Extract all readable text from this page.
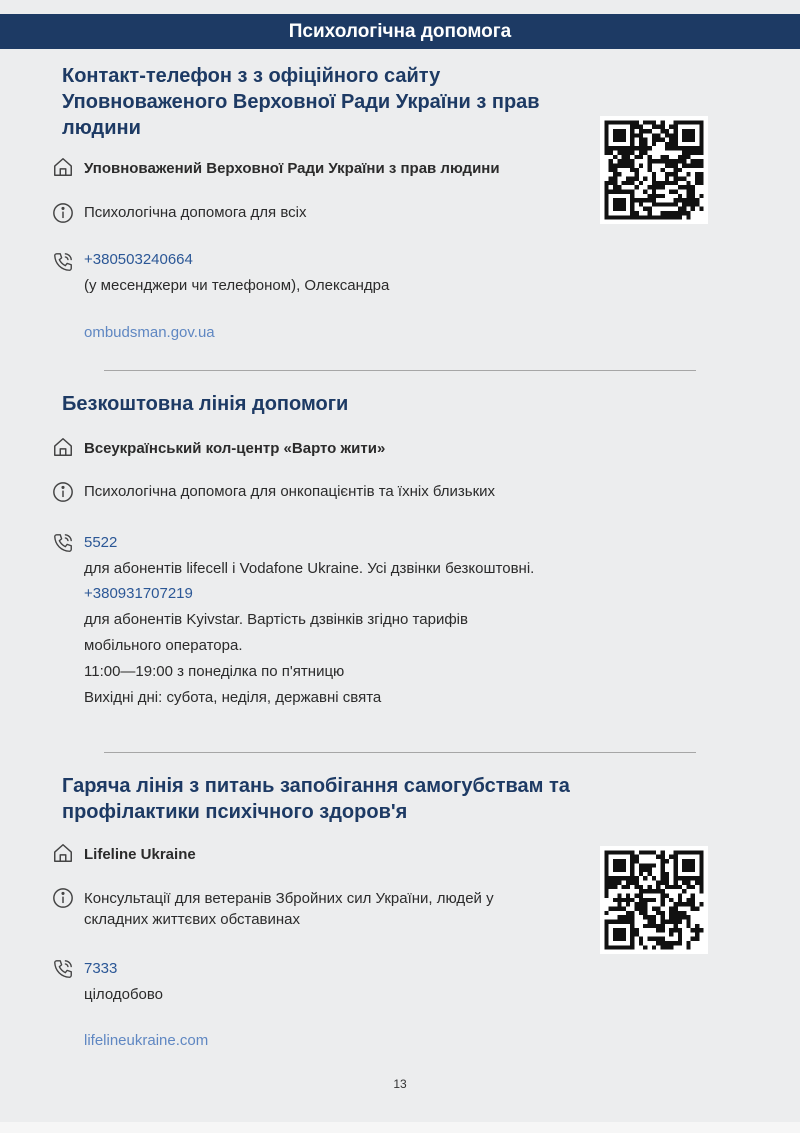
Психологічна допомога
Контакт-телефон з з офіційного сайту
Уповноваженого Верховної Ради України з прав
людини
Уповноважений Верховної Ради України з прав людини
Психологічна допомога для всіх
+380503240664
(у месенджери чи телефоном), Олександра
ombudsman.gov.ua
Безкоштовна лінія допомоги
Всеукраїнський кол-центр «Варто жити»
Психологічна допомога для онкопацієнтів та їхніх близьких
5522
для абонентів lifecell і Vodafone Ukraine. Усі дзвінки безкоштовні.
+380931707219
для абонентів Kyivstar. Вартість дзвінків згідно тарифів
мобільного оператора.
11:00—19:00 з понеділка по п'ятницю
Вихідні дні: субота, неділя, державні свята
Гаряча лінія з питань запобігання самогубствам та
профілактики психічного здоров'я
Lifeline Ukraine
Консультації для ветеранів Збройних сил України, людей у
складних життєвих обставинах
7333
цілодобово
lifelineukraine.com
13
